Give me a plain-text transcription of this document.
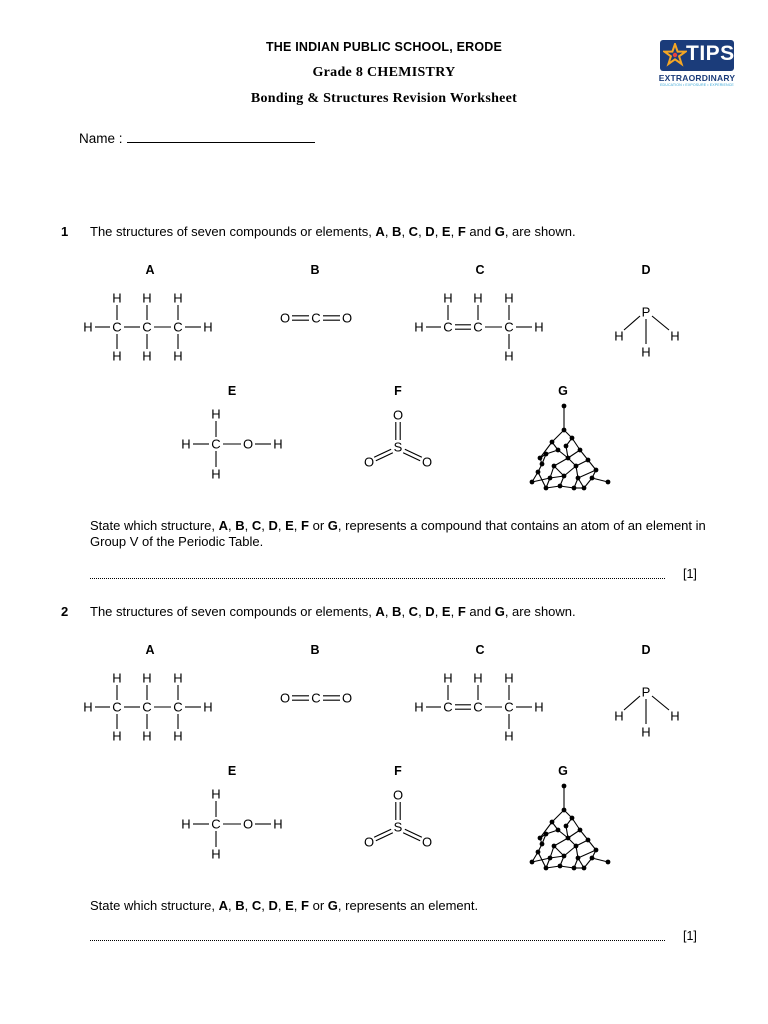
THE INDIAN PUBLIC SCHOOL, ERODE
Grade 8 CHEMISTRY
Bonding & Structures Revision Worksheet
TIPS
EXTRAORDINARY
EDUCATION • EXPOSURE • EXPERIENCE
Name :
1 The structures of seven compounds or elements, A, B, C, D, E, F and G, are shown.
A	B	C	D
E	F	G
H C
H
C
H
C
H
H
H H H
O C O
H C
H
C
H
C
H
H
H
P
H	H
H
H
H C O H
H
O
S
O	O
State which structure, A, B, C, D, E, F or G, represents a compound that contains an atom of an element in Group V of the Periodic Table.
[1]
2 The structures of seven compounds or elements, A, B, C, D, E, F and G, are shown.
A	B	C	D
E	F	G
H C
H
C
H
C
H
H
H H H
O C O
H C
H
C
H
C
H
H
H
P
H	H
H
H
H C O H
H
O
S
O	O
State which structure, A, B, C, D, E, F or G, represents an element.
[1]
